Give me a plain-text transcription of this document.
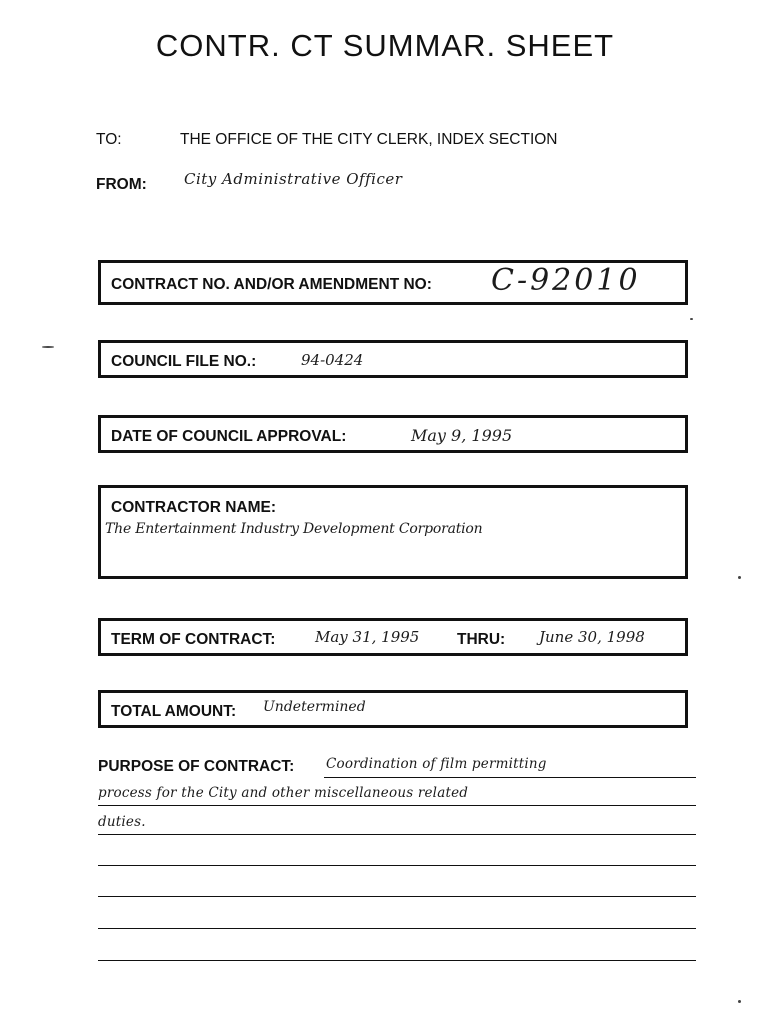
CONTR. CT SUMMAR. SHEET
TO:	THE OFFICE OF THE CITY CLERK, INDEX SECTION
FROM: City Administrative Officer
CONTRACT NO. AND/OR AMENDMENT NO: C-92010
COUNCIL FILE NO.:	94-0424
DATE OF COUNCIL APPROVAL:	May 9, 1995
CONTRACTOR NAME:
The Entertainment Industry Development Corporation
TERM OF CONTRACT:	May 31, 1995 THRU: June 30, 1998
TOTAL AMOUNT: Undetermined
PURPOSE OF CONTRACT: Coordination of film permitting
process for the City and other miscellaneous related
duties.
